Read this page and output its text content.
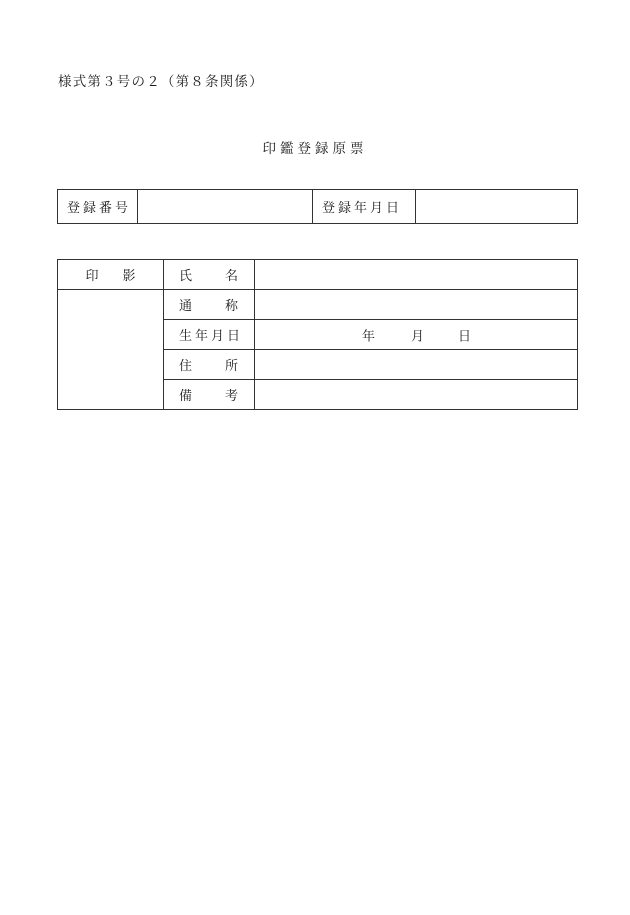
様式第３号の２（第８条関係）
印鑑登録原票
登録番号		登録年月日	
印 影	氏 名	

	通 称	

	生年月日	年 月 日

	住 所	

	備 考	
